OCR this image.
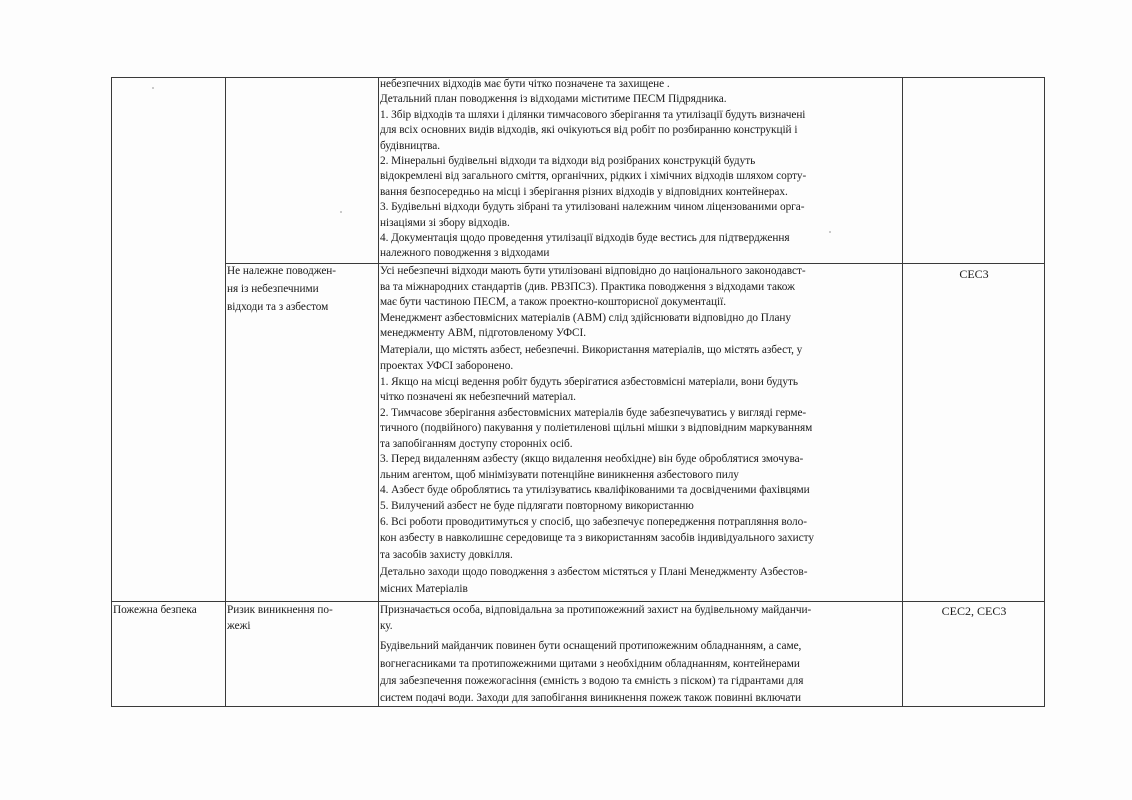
небезпечних відходів має бути чітко позначене та захищене .
Детальний план поводження із відходами міститиме ПЕСМ Підрядника.
1. Збір відходів та шляхи і ділянки тимчасового зберігання та утилізації будуть визначені
для всіх основних видів відходів, які очікуються від робіт по розбиранню конструкцій і
будівництва.
2. Мінеральні будівельні відходи та відходи від розібраних конструкцій будуть
відокремлені від загального сміття, органічних, рідких і хімічних відходів шляхом сорту-
вання безпосередньо на місці і зберігання різних відходів у відповідних контейнерах.
3. Будівельні відходи будуть зібрані та утилізовані належним чином ліцензованими орга-
нізаціями зі збору відходів.
4. Документація щодо проведення утилізації відходів буде вестись для підтвердження
належного поводження з відходами
Не належне поводжен-
ня із небезпечними
відходи та з азбестом
Усі небезпечні відходи мають бути утилізовані відповідно до національного законодавст-
ва та міжнародних стандартів (див. РВЗПСЗ). Практика поводження з відходами також
має бути частиною ПЕСМ, а також проектно-кошторисної документації.
Менеджмент азбестовмісних матеріалів (АВМ) слід здійснювати відповідно до Плану
менеджменту АВМ, підготовленому УФСІ.
Матеріали, що містять азбест, небезпечні. Використання матеріалів, що містять азбест, у
проектах УФСІ заборонено.
1. Якщо на місці ведення робіт будуть зберігатися азбестовмісні матеріали, вони будуть
чітко позначені як небезпечний матеріал.
2. Тимчасове зберігання азбестовмісних матеріалів буде забезпечуватись у вигляді герме-
тичного (подвійного) пакування у поліетиленові щільні мішки з відповідним маркуванням
та запобіганням доступу сторонніх осіб.
3. Перед видаленням азбесту (якщо видалення необхідне) він буде оброблятися змочува-
льним агентом, щоб мінімізувати потенційне виникнення азбестового пилу
4. Азбест буде оброблятись та утилізуватись кваліфікованими та досвідченими фахівцями
5. Вилучений азбест не буде підлягати повторному використанню
6. Всі роботи проводитимуться у спосіб, що забезпечує попередження потрапляння воло-
кон азбесту в навколишнє середовище та з використанням засобів індивідуального захисту
та засобів захисту довкілля.
Детально заходи щодо поводження з азбестом містяться у Плані Менеджменту Азбестов-
місних Матеріалів
СЕС3
Пожежна безпека	Ризик виникнення по-
жежі
Призначається особа, відповідальна за протипожежний захист на будівельному майданчи-
ку.
Будівельний майданчик повинен бути оснащений протипожежним обладнанням, а саме,
вогнегасниками та протипожежними щитами з необхідним обладнанням, контейнерами
для забезпечення пожежогасіння (ємність з водою та ємність з піском) та гідрантами для
систем подачі води. Заходи для запобігання виникнення пожеж також повинні включати
СЕС2, СЕС3
